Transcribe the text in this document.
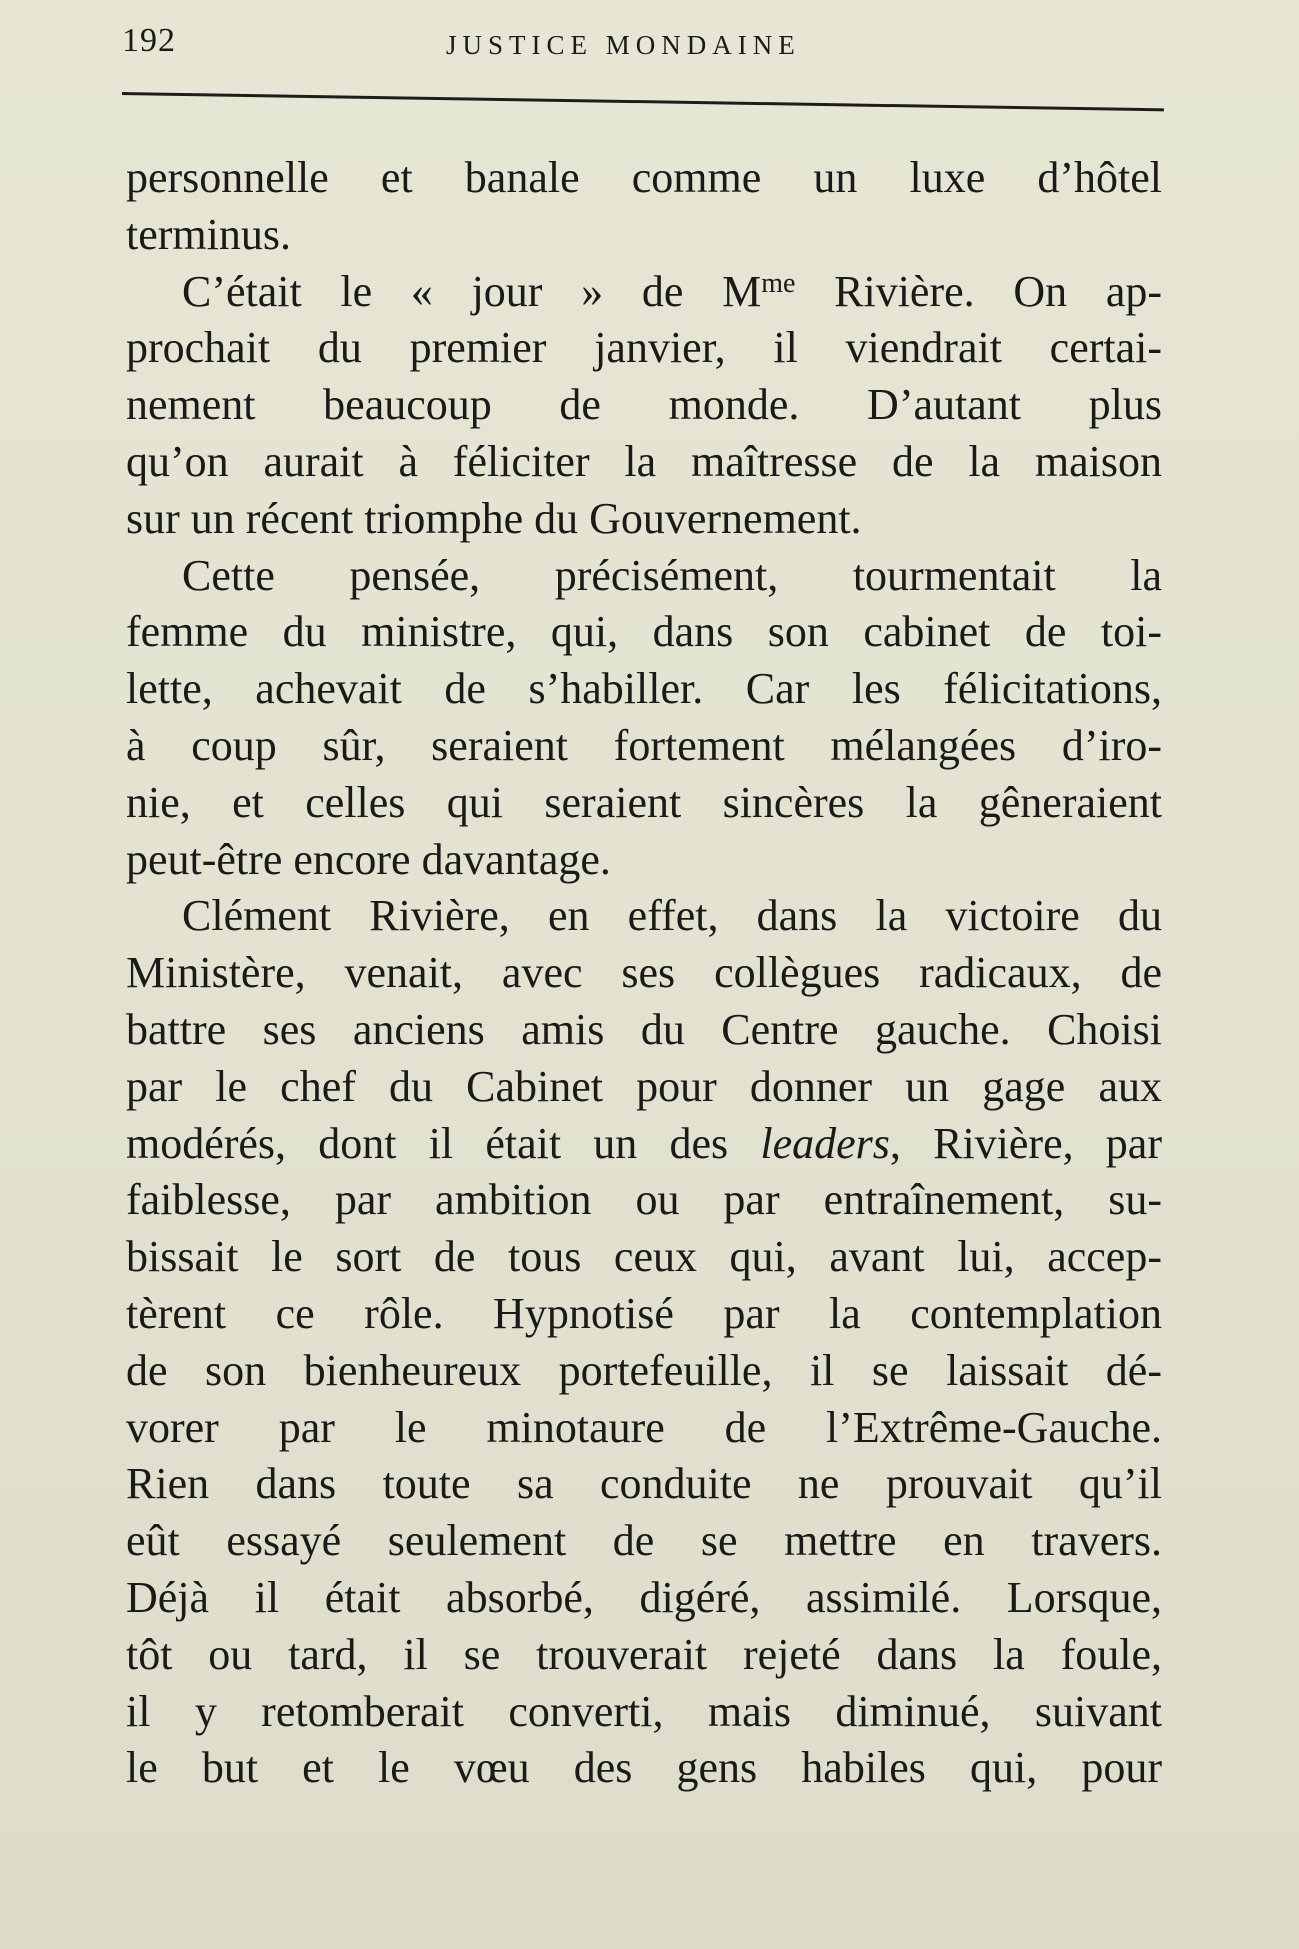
192	JUSTICE MONDAINE
personnelle et banale comme un luxe d’hôtel
terminus.
C’était le « jour » de $M^{me}$ Rivière. On ap-
prochait du premier janvier, il viendrait certai-
nement beaucoup de monde. D’autant plus
qu’on aurait à féliciter la maîtresse de la maison
sur un récent triomphe du Gouvernement.
Cette pensée, précisément, tourmentait la
femme du ministre, qui, dans son cabinet de toi-
lette, achevait de s’habiller. Car les félicitations,
à coup sûr, seraient fortement mélangées d’iro-
nie, et celles qui seraient sincères la gêneraient
peut-être encore davantage.
Clément Rivière, en effet, dans la victoire du
Ministère, venait, avec ses collègues radicaux, de
battre ses anciens amis du Centre gauche. Choisi
par le chef du Cabinet pour donner un gage aux
modérés, dont il était un des leaders, Rivière, par
faiblesse, par ambition ou par entraînement, su-
bissait le sort de tous ceux qui, avant lui, accep-
tèrent ce rôle. Hypnotisé par la contemplation
de son bienheureux portefeuille, il se laissait dé-
vorer par le minotaure de l’Extrême-Gauche.
Rien dans toute sa conduite ne prouvait qu’il
eût essayé seulement de se mettre en travers.
Déjà il était absorbé, digéré, assimilé. Lorsque,
tôt ou tard, il se trouverait rejeté dans la foule,
il y retomberait converti, mais diminué, suivant
le but et le vœu des gens habiles qui, pour
